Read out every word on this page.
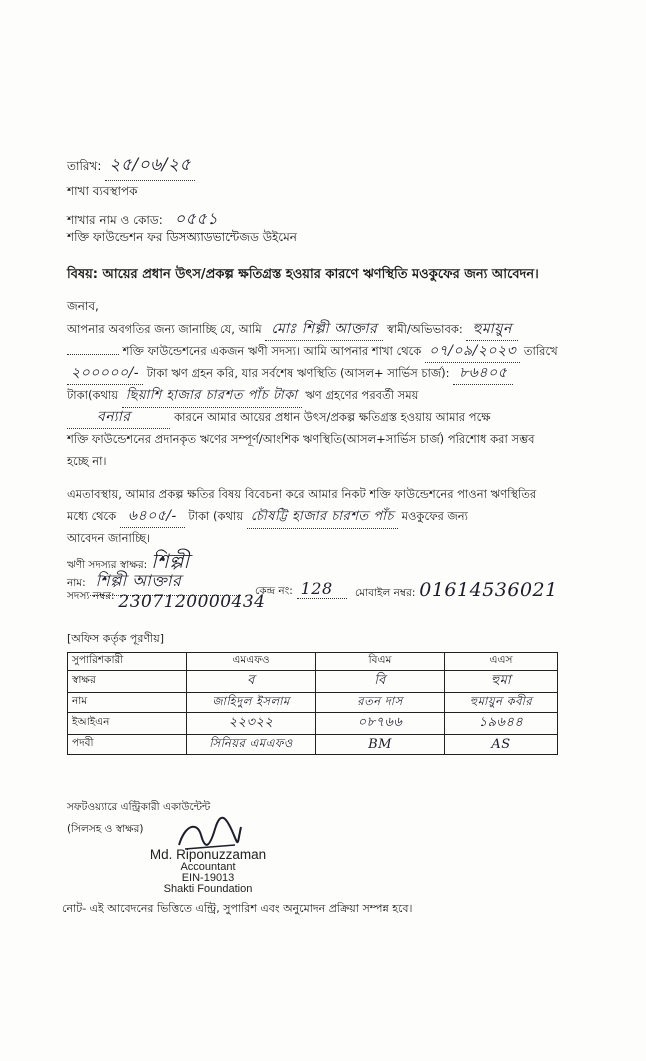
তারিখ: ২৫/০৬/২৫
শাখা ব্যবস্থাপক
শাখার নাম ও কোড: ০৫৫১
শক্তি ফাউন্ডেশন ফর ডিসঅ্যাডভান্টেজড উইমেন
বিষয়: আয়ের প্রধান উৎস/প্রকল্প ক্ষতিগ্রস্ত হওয়ার কারণে ঋণস্থিতি মওকুফের জন্য আবেদন।
জনাব,
আপনার অবগতির জন্য জানাচ্ছি যে, আমি মোঃ শিল্পী আক্তার স্বামী/অভিভাবক: হুমায়ুন
শক্তি ফাউন্ডেশনের একজন ঋণী সদস্য। আমি আপনার শাখা থেকে ০৭/০৯/২০২৩ তারিখে
২০০০০০/- টাকা ঋণ গ্রহন করি, যার সর্বশেষ ঋণস্থিতি (আসল+ সার্ভিস চার্জ): ৮৬৪০৫
টাকা(কথায় ছিয়াশি হাজার চারশত পাঁচ টাকা ঋণ গ্রহণের পরবর্তী সময়
বন্যার	কারনে আমার আয়ের প্রধান উৎস/প্রকল্প ক্ষতিগ্রস্ত হওয়ায় আমার পক্ষে
শক্তি ফাউন্ডেশনের প্রদানকৃত ঋণের সম্পূর্ণ/আংশিক ঋণস্থিতি(আসল+সার্ভিস চার্জ) পরিশোধ করা সম্ভব
হচ্ছে না।
এমতাবস্থায়, আমার প্রকল্প ক্ষতির বিষয় বিবেচনা করে আমার নিকট শক্তি ফাউন্ডেশনের পাওনা ঋণস্থিতির
মধ্যে থেকে ৬৪০৫/- টাকা (কথায় চৌষট্টি হাজার চারশত পাঁচ মওকুফের জন্য
আবেদন জানাচ্ছি।
ঋণী সদস্যর স্বাক্ষর: শিল্পী
নাম: শিল্পী আক্তার
সদস্য নম্বর: 2307120000434
কেন্দ্র নং: 128	মোবাইল নম্বর: 01614536021
[অফিস কর্তৃক পূরণীয়]
সুপারিশকারী	এমএফও	বিএম	এএস
স্বাক্ষর	ব	বি	হুমা
নাম	জাহিদুল ইসলাম	রতন দাস	হুমায়ুন কবীর
ইআইএন	২২৩২২	০৮৭৬৬	১৯৬৪৪
পদবী	সিনিয়র এমএফও	BM	AS
সফটওয়্যারে এন্ট্রিকারী একাউন্টেন্ট
(সিলসহ ও স্বাক্ষর)
Md. Riponuzzaman
Accountant
EIN-19013
Shakti Foundation
নোট- এই আবেদনের ভিত্তিতে এন্ট্রি, সুপারিশ এবং অনুমোদন প্রক্রিয়া সম্পন্ন হবে।
